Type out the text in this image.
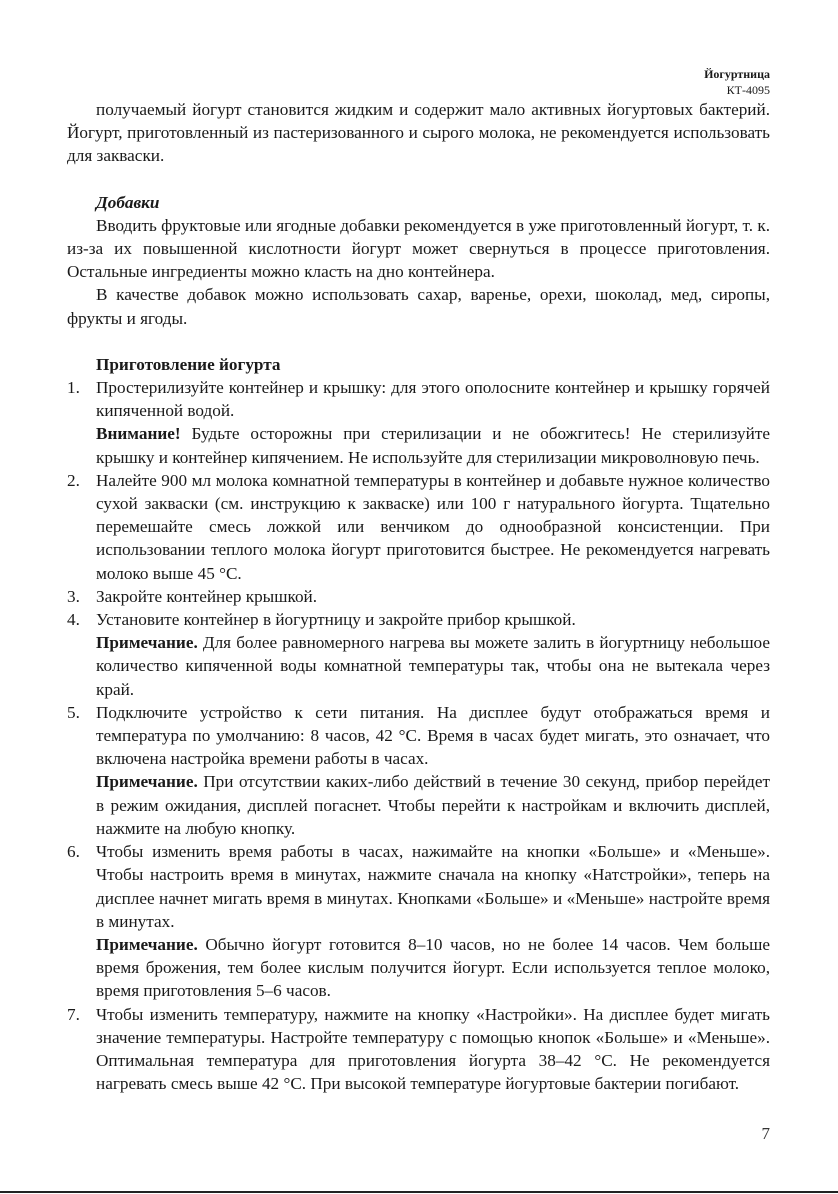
Йогуртница
КТ-4095

получаемый йогурт становится жидким и содержит мало активных йогуртовых бактерий. Йогурт, приготовленный из пастеризованного и сырого молока, не рекомендуется использовать для закваски.

Добавки

Вводить фруктовые или ягодные добавки рекомендуется в уже приготовленный йогурт, т. к. из-за их повышенной кислотности йогурт может свернуться в процессе приготовления. Остальные ингредиенты можно класть на дно контейнера.

В качестве добавок можно использовать сахар, варенье, орехи, шоколад, мед, сиропы, фрукты и ягоды.

Приготовление йогурта

1. Простерилизуйте контейнер и крышку: для этого ополосните контейнер и крышку горячей кипяченной водой.

Внимание! Будьте осторожны при стерилизации и не обожгитесь! Не стерилизуйте крышку и контейнер кипячением. Не используйте для стерилизации микроволновую печь.

2. Налейте 900 мл молока комнатной температуры в контейнер и добавьте нужное количество сухой закваски (см. инструкцию к закваске) или 100 г натурального йогурта. Тщательно перемешайте смесь ложкой или венчиком до однообразной консистенции. При использовании теплого молока йогурт приготовится быстрее. Не рекомендуется нагревать молоко выше 45 °С.

3. Закройте контейнер крышкой.

4. Установите контейнер в йогуртницу и закройте прибор крышкой.

Примечание. Для более равномерного нагрева вы можете залить в йогуртницу небольшое количество кипяченной воды комнатной температуры так, чтобы она не вытекала через край.

5. Подключите устройство к сети питания. На дисплее будут отображаться время и температура по умолчанию: 8 часов, 42 °С. Время в часах будет мигать, это означает, что включена настройка времени работы в часах.

Примечание. При отсутствии каких-либо действий в течение 30 секунд, прибор перейдет в режим ожидания, дисплей погаснет. Чтобы перейти к настройкам и включить дисплей, нажмите на любую кнопку.

6. Чтобы изменить время работы в часах, нажимайте на кнопки «Больше» и «Меньше». Чтобы настроить время в минутах, нажмите сначала на кнопку «Натстройки», теперь на дисплее начнет мигать время в минутах. Кнопками «Больше» и «Меньше» настройте время в минутах.

Примечание. Обычно йогурт готовится 8–10 часов, но не более 14 часов. Чем больше время брожения, тем более кислым получится йогурт. Если используется теплое молоко, время приготовления 5–6 часов.

7. Чтобы изменить температуру, нажмите на кнопку «Настройки». На дисплее будет мигать значение температуры. Настройте температуру с помощью кнопок «Больше» и «Меньше». Оптимальная температура для приготовления йогурта 38–42 °С. Не рекомендуется нагревать смесь выше 42 °С. При высокой температуре йогуртовые бактерии погибают.

7
